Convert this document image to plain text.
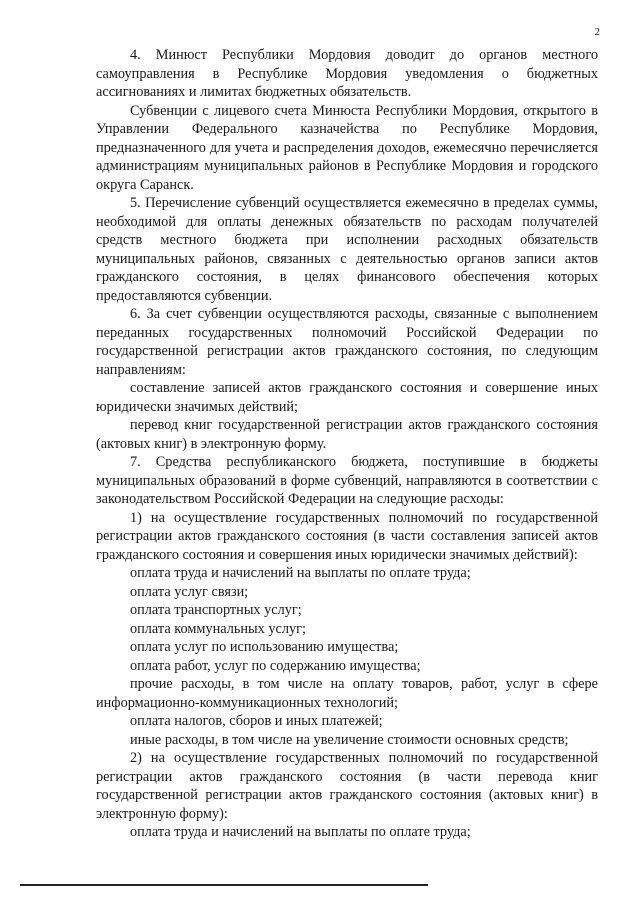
2

4. Минюст Республики Мордовия доводит до органов местного самоуправления в Республике Мордовия уведомления о бюджетных ассигнованиях и лимитах бюджетных обязательств.

Субвенции с лицевого счета Минюста Республики Мордовия, открытого в Управлении Федерального казначейства по Республике Мордовия, предназначенного для учета и распределения доходов, ежемесячно перечисляется администрациям муниципальных районов в Республике Мордовия и городского округа Саранск.

5. Перечисление субвенций осуществляется ежемесячно в пределах суммы, необходимой для оплаты денежных обязательств по расходам получателей средств местного бюджета при исполнении расходных обязательств муниципальных районов, связанных с деятельностью органов записи актов гражданского состояния, в целях финансового обеспечения которых предоставляются субвенции.

6. За счет субвенции осуществляются расходы, связанные с выполнением переданных государственных полномочий Российской Федерации по государственной регистрации актов гражданского состояния, по следующим направлениям:

составление записей актов гражданского состояния и совершение иных юридически значимых действий;

перевод книг государственной регистрации актов гражданского состояния (актовых книг) в электронную форму.

7. Средства республиканского бюджета, поступившие в бюджеты муниципальных образований в форме субвенций, направляются в соответствии с законодательством Российской Федерации на следующие расходы:

1) на осуществление государственных полномочий по государственной регистрации актов гражданского состояния (в части составления записей актов гражданского состояния и совершения иных юридически значимых действий):

оплата труда и начислений на выплаты по оплате труда;

оплата услуг связи;

оплата транспортных услуг;

оплата коммунальных услуг;

оплата услуг по использованию имущества;

оплата работ, услуг по содержанию имущества;

прочие расходы, в том числе на оплату товаров, работ, услуг в сфере информационно-коммуникационных технологий;

оплата налогов, сборов и иных платежей;

иные расходы, в том числе на увеличение стоимости основных средств;

2) на осуществление государственных полномочий по государственной регистрации актов гражданского состояния (в части перевода книг государственной регистрации актов гражданского состояния (актовых книг) в электронную форму):

оплата труда и начислений на выплаты по оплате труда;
